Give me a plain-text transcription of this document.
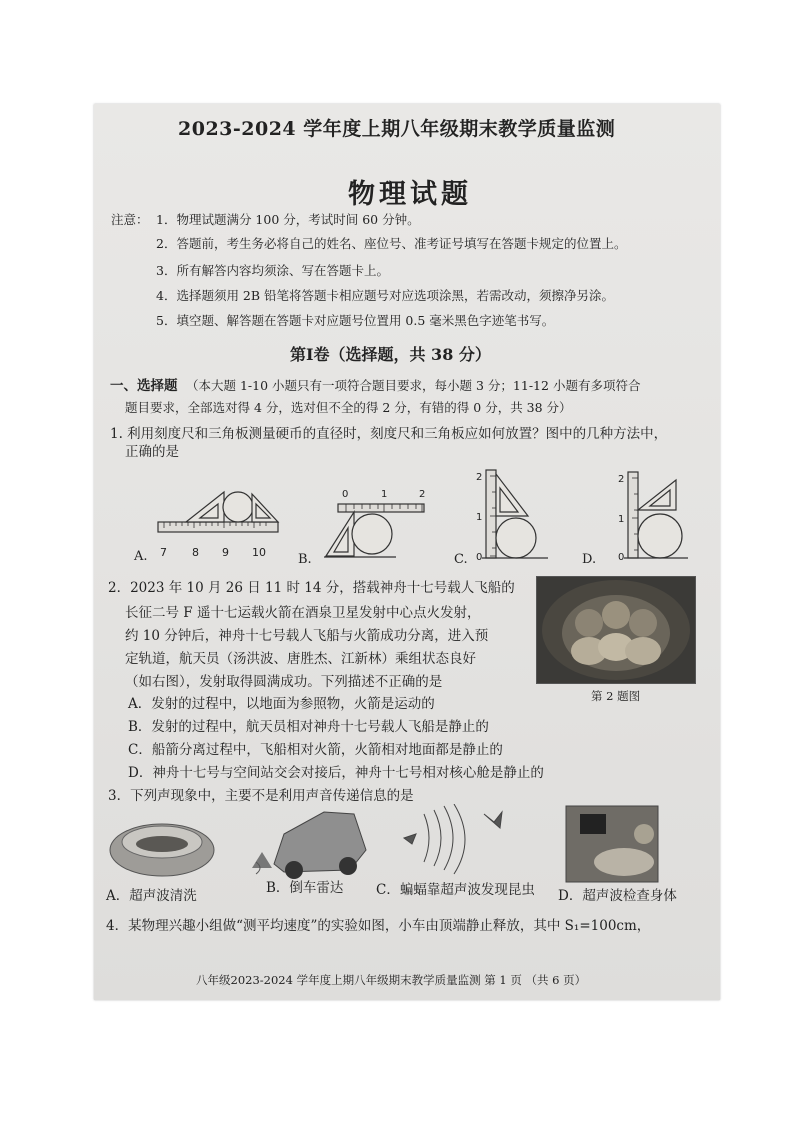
2023-2024 学年度上期八年级期末教学质量监测
物理试题
注意： 1．物理试题满分 100 分，考试时间 60 分钟。
2．答题前，考生务必将自己的姓名、座位号、准考证号填写在答题卡规定的位置上。
3．所有解答内容均须涂、写在答题卡上。
4．选择题须用 2B 铅笔将答题卡相应题号对应选项涂黑，若需改动，须擦净另涂。
5．填空题、解答题在答题卡对应题号位置用 0.5 毫米黑色字迹笔书写。
第Ⅰ卷（选择题，共 38 分）
一、选择题 （本大题 1-10 小题只有一项符合题目要求，每小题 3 分；11-12 小题有多项符合
题目要求，全部选对得 4 分，选对但不全的得 2 分，有错的得 0 分，共 38 分）
1. 利用刻度尺和三角板测量硬币的直径时，刻度尺和三角板应如何放置？图中的几种方法中，
正确的是
7 8 9 10
0	1	2
2
1
0
2
1
0
A.	B.	C.	D.
2．2023 年 10 月 26 日 11 时 14 分，搭载神舟十七号载人飞船的
长征二号 F 遥十七运载火箭在酒泉卫星发射中心点火发射，
约 10 分钟后，神舟十七号载人飞船与火箭成功分离，进入预
定轨道，航天员（汤洪波、唐胜杰、江新林）乘组状态良好
（如右图），发射取得圆满成功。下列描述不正确的是
第 2 题图
A．发射的过程中，以地面为参照物，火箭是运动的
B．发射的过程中，航天员相对神舟十七号载人飞船是静止的
C．船箭分离过程中，飞船相对火箭，火箭相对地面都是静止的
D．神舟十七号与空间站交会对接后，神舟十七号相对核心舱是静止的
3．下列声现象中，主要不是利用声音传递信息的是
A．超声波清洗	B．倒车雷达 C．蝙蝠靠超声波发现昆虫 D．超声波检查身体
4．某物理兴趣小组做“测平均速度”的实验如图，小车由顶端静止释放，其中 S₁=100cm，
八年级2023-2024 学年度上期八年级期末教学质量监测 第 1 页 （共 6 页）
